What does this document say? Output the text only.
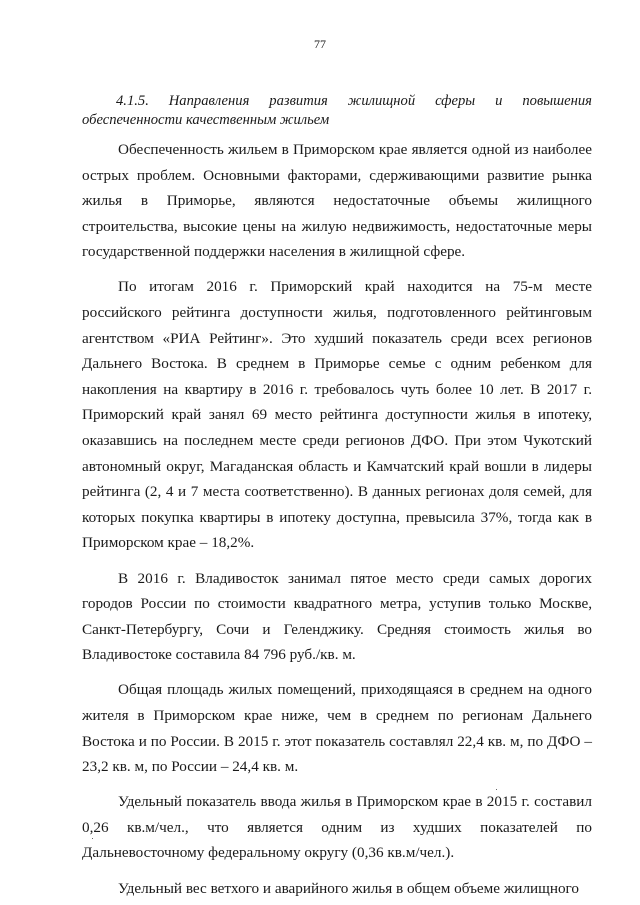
77
4.1.5. Направления развития жилищной сферы и повышения
обеспеченности качественным жильем

Обеспеченность жильем в Приморском крае является одной из наиболее острых проблем. Основными факторами, сдерживающими развитие рынка жилья в Приморье, являются недостаточные объемы жилищного строительства, высокие цены на жилую недвижимость, недостаточные меры государственной поддержки населения в жилищной сфере.

По итогам 2016 г. Приморский край находится на 75-м месте российского рейтинга доступности жилья, подготовленного рейтинговым агентством «РИА Рейтинг». Это худший показатель среди всех регионов Дальнего Востока. В среднем в Приморье семье с одним ребенком для накопления на квартиру в 2016 г. требовалось чуть более 10 лет. В 2017 г. Приморский край занял 69 место рейтинга доступности жилья в ипотеку, оказавшись на последнем месте среди регионов ДФО. При этом Чукотский автономный округ, Магаданская область и Камчатский край вошли в лидеры рейтинга (2, 4 и 7 места соответственно). В данных регионах доля семей, для которых покупка квартиры в ипотеку доступна, превысила 37%, тогда как в Приморском крае – 18,2%.

В 2016 г. Владивосток занимал пятое место среди самых дорогих городов России по стоимости квадратного метра, уступив только Москве, Санкт-Петербургу, Сочи и Геленджику. Средняя стоимость жилья во Владивостоке составила 84 796 руб./кв. м.

Общая площадь жилых помещений, приходящаяся в среднем на одного жителя в Приморском крае ниже, чем в среднем по регионам Дальнего Востока и по России. В 2015 г. этот показатель составлял 22,4 кв. м, по ДФО – 23,2 кв. м, по России – 24,4 кв. м.

Удельный показатель ввода жилья в Приморском крае в 2015 г. составил 0,26 кв.м/чел., что является одним из худших показателей по Дальневосточному федеральному округу (0,36 кв.м/чел.).

Удельный вес ветхого и аварийного жилья в общем объеме жилищного
